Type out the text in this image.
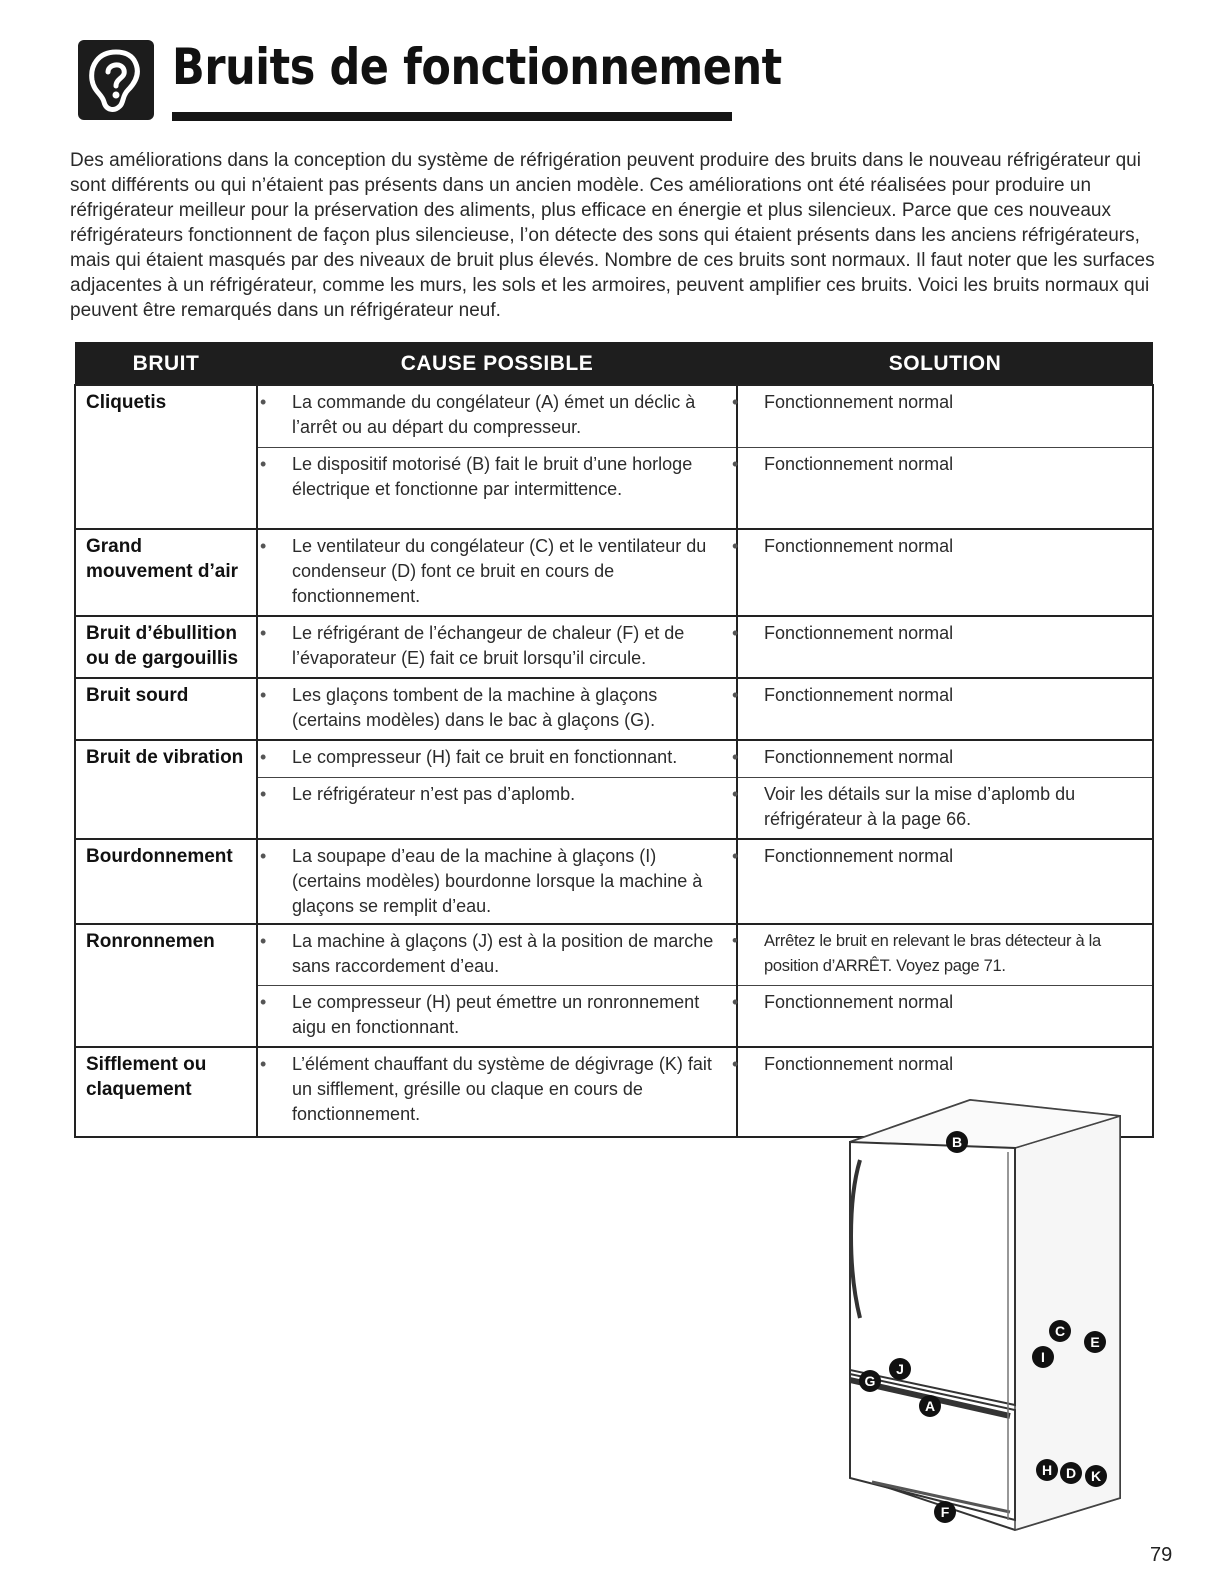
Bruits de fonctionnement

Des améliorations dans la conception du système de réfrigération peuvent produire des bruits dans le nouveau réfrigérateur qui sont différents ou qui n’étaient pas présents dans un ancien modèle. Ces améliorations ont été réalisées pour produire un réfrigérateur meilleur pour la préservation des aliments, plus efficace en énergie et plus silencieux. Parce que ces nouveaux réfrigérateurs fonctionnent de façon plus silencieuse, l’on détecte des sons qui étaient présents dans les anciens réfrigérateurs, mais qui étaient masqués par des niveaux de bruit plus élevés. Nombre de ces bruits sont normaux. Il faut noter que les surfaces adjacentes à un réfrigérateur, comme les murs, les sols et les armoires, peuvent amplifier ces bruits. Voici les bruits normaux qui peuvent être remarqués dans un réfrigérateur neuf.

BRUIT	CAUSE POSSIBLE	SOLUTION
Cliquetis	• La commande du congélateur (A) émet un déclic à l’arrêt ou au départ du compresseur.	• Fonctionnement normal

	• Le dispositif motorisé (B) fait le bruit d’une horloge électrique et fonctionne par intermittence.	• Fonctionnement normal

Grand mouvement d’air	• Le ventilateur du congélateur (C) et le ventilateur du condenseur (D) font ce bruit en cours de fonctionnement.	• Fonctionnement normal

Bruit d’ébullition ou de gargouillis	• Le réfrigérant de l’échangeur de chaleur (F) et de l’évaporateur (E) fait ce bruit lorsqu’il circule.	• Fonctionnement normal

Bruit sourd	• Les glaçons tombent de la machine à glaçons (certains modèles) dans le bac à glaçons (G).	• Fonctionnement normal

Bruit de vibration	• Le compresseur (H) fait ce bruit en fonctionnant.	• Fonctionnement normal

	• Le réfrigérateur n’est pas d’aplomb.	• Voir les détails sur la mise d’aplomb du réfrigérateur à la page 66.

Bourdonnement	• La soupape d’eau de la machine à glaçons (I) (certains modèles) bourdonne lorsque la machine à glaçons se remplit d’eau.	• Fonctionnement normal

Ronronnemen	• La machine à glaçons (J) est à la position de marche sans raccordement d’eau.	• Arrêtez le bruit en relevant le bras détecteur à la position d’ARRÊT. Voyez page 71.

	• Le compresseur (H) peut émettre un ronronnement aigu en fonctionnant.	• Fonctionnement normal

Sifflement ou claquement	• L’élément chauffant du système de dégivrage (K) fait un sifflement, grésille ou claque en cours de fonctionnement.	• Fonctionnement normal
B
C
E
I
J
G
A
H D K
F
79
